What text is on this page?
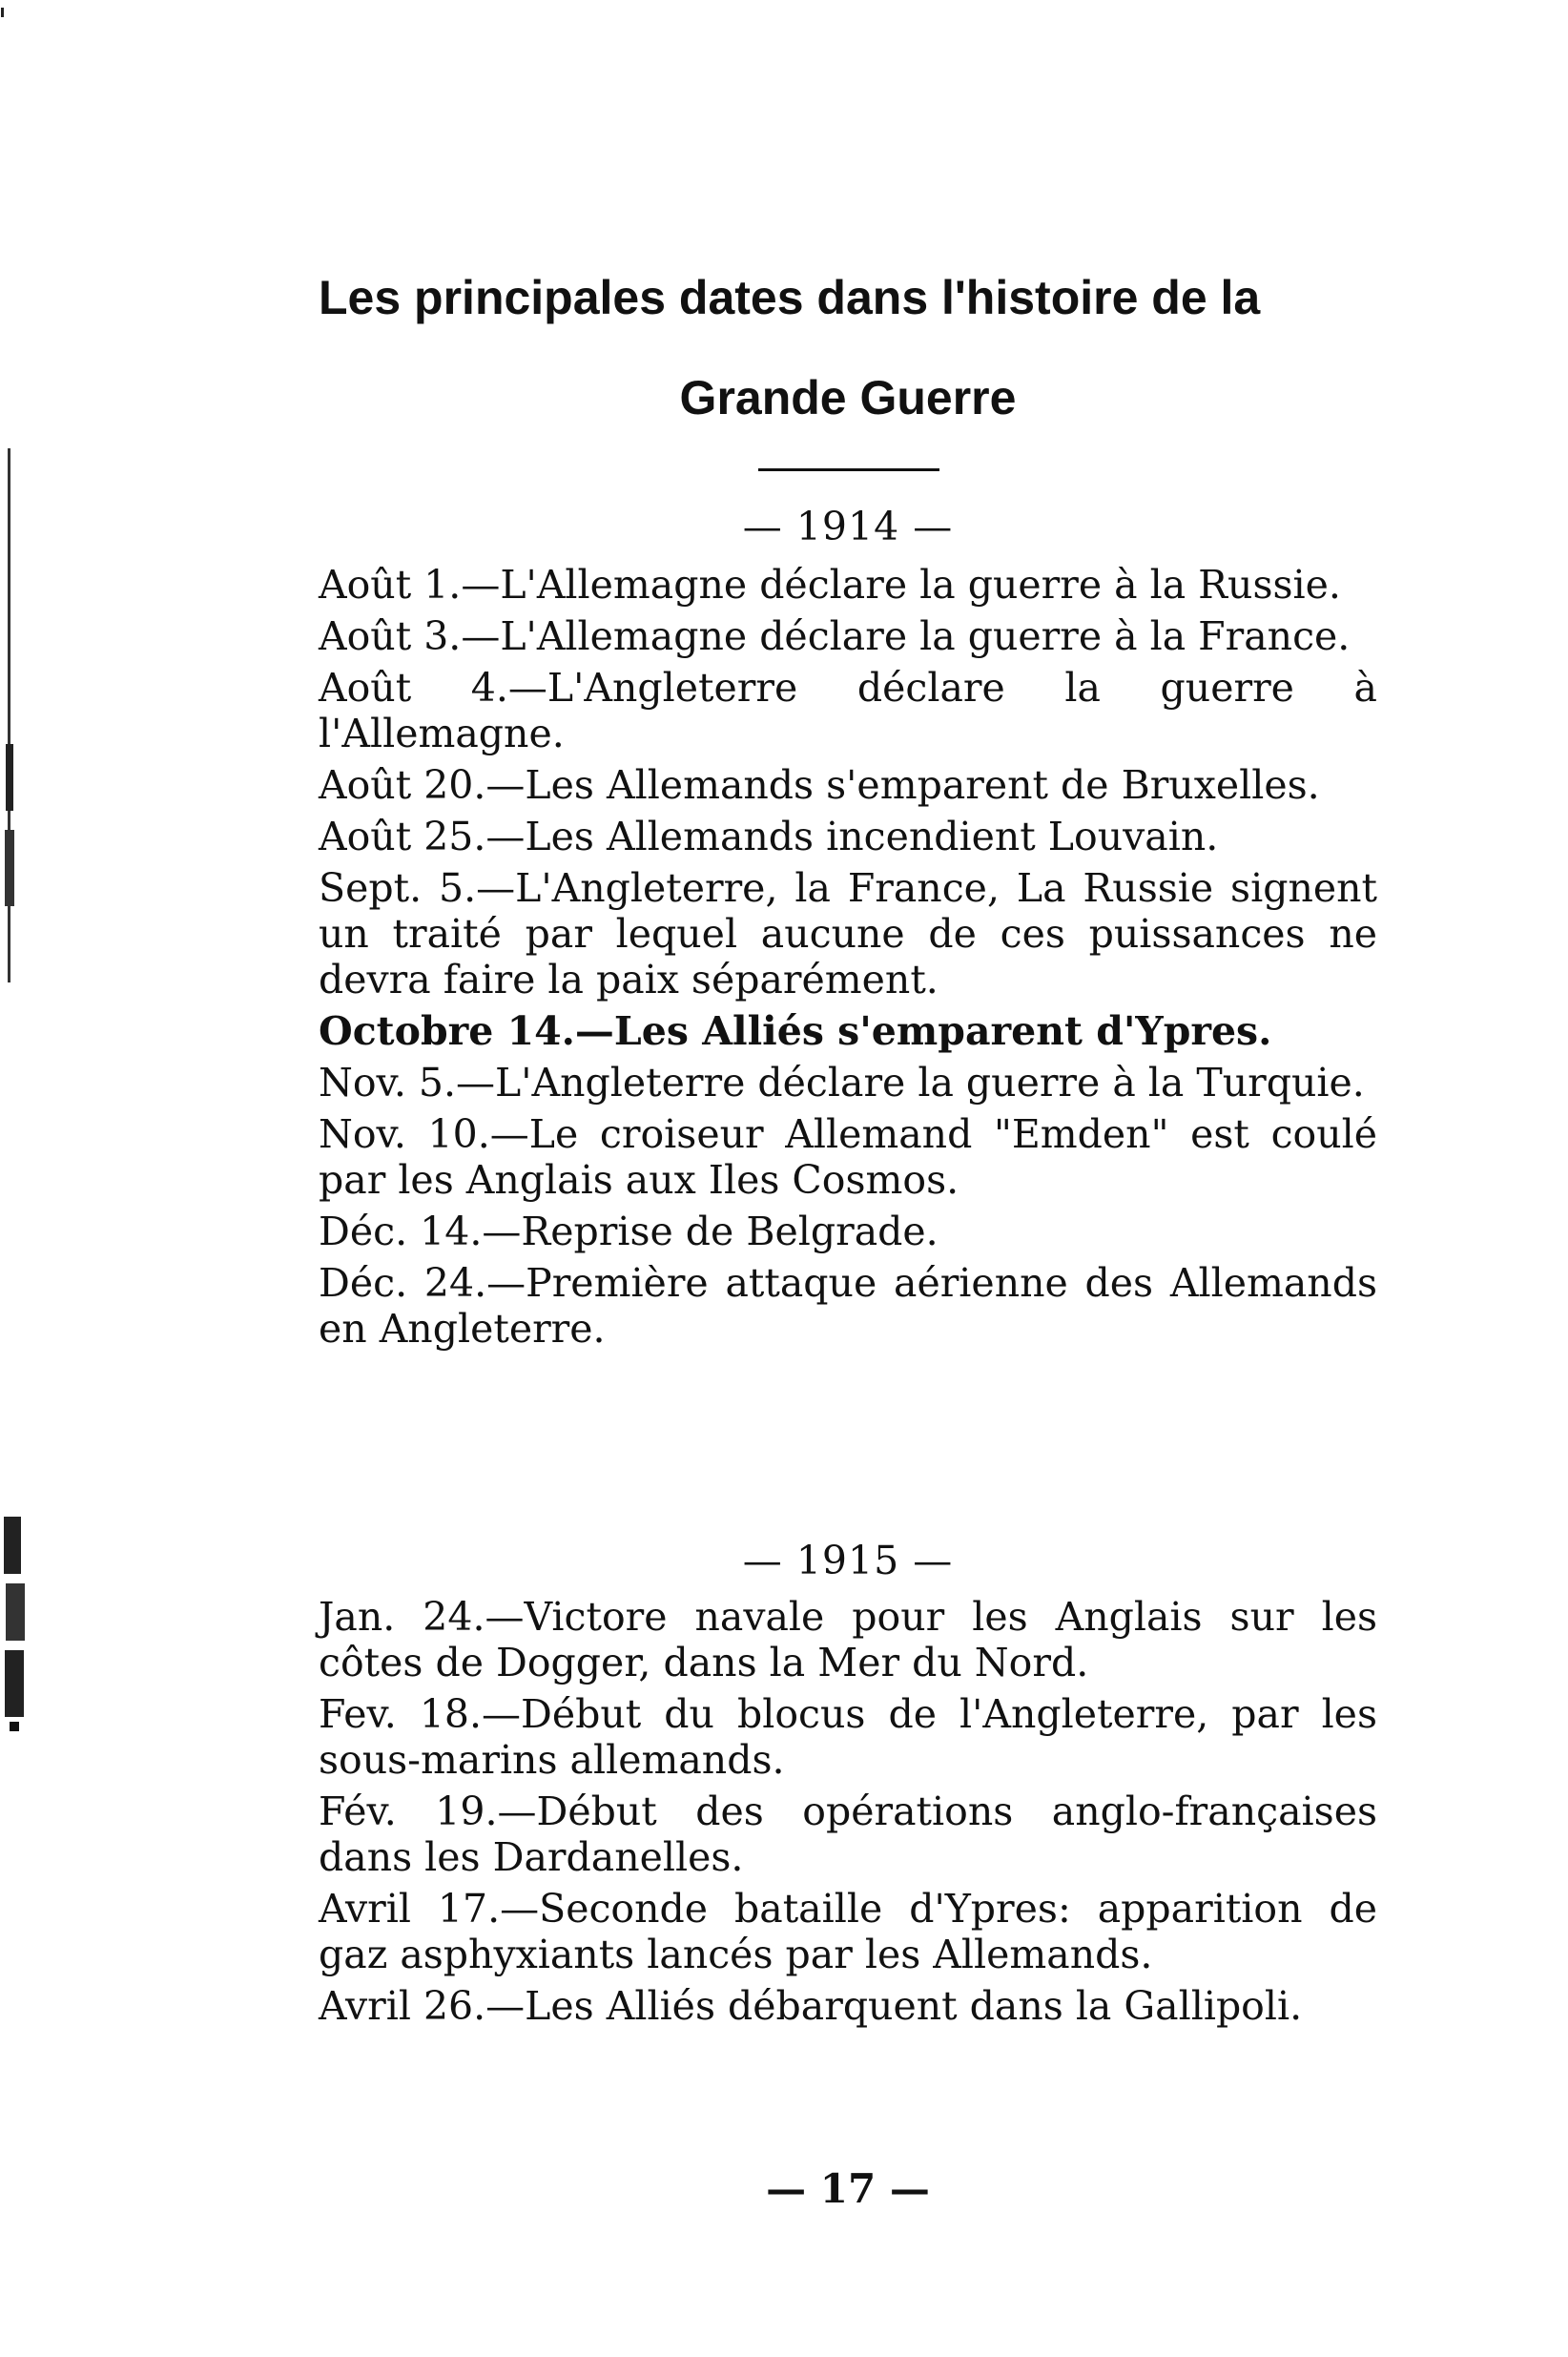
Les principales dates dans l'histoire de la
Grande Guerre
— 1914 —
Août 1.—L'Allemagne déclare la guerre à la Russie.
Août 3.—L'Allemagne déclare la guerre à la France.
Août 4.—L'Angleterre déclare la guerre à l'Allemagne.
Août 20.—Les Allemands s'emparent de Bruxelles.
Août 25.—Les Allemands incendient Louvain.
Sept. 5.—L'Angleterre, la France, La Russie signent un traité par lequel aucune de ces puissances ne devra faire la paix séparément.
Octobre 14.—Les Alliés s'emparent d'Ypres.
Nov. 5.—L'Angleterre déclare la guerre à la Turquie.
Nov. 10.—Le croiseur Allemand "Emden" est coulé par les Anglais aux Iles Cosmos.
Déc. 14.—Reprise de Belgrade.
Déc. 24.—Première attaque aérienne des Allemands en Angleterre.
— 1915 —
Jan. 24.—Victore navale pour les Anglais sur les côtes de Dogger, dans la Mer du Nord.
Fev. 18.—Début du blocus de l'Angleterre, par les sous-marins allemands.
Fév. 19.—Début des opérations anglo-françaises dans les Dardanelles.
Avril 17.—Seconde bataille d'Ypres: apparition de gaz asphyxiants lancés par les Allemands.
Avril 26.—Les Alliés débarquent dans la Gallipoli.
— 17 —
